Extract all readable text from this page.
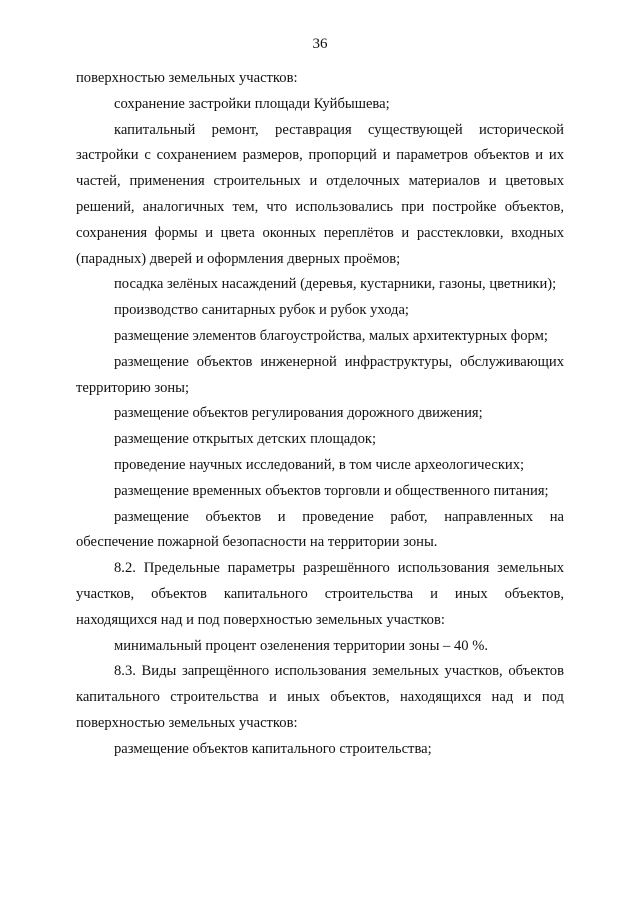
36

поверхностью земельных участков:

сохранение застройки площади Куйбышева;

капитальный ремонт, реставрация существующей исторической застройки с сохранением размеров, пропорций и параметров объектов и их частей, применения строительных и отделочных материалов и цветовых решений, аналогичных тем, что использовались при постройке объектов, сохранения формы и цвета оконных переплётов и расстекловки, входных (парадных) дверей и оформления дверных проёмов;

посадка зелёных насаждений (деревья, кустарники, газоны, цветники);

производство санитарных рубок и рубок ухода;

размещение элементов благоустройства, малых архитектурных форм;

размещение объектов инженерной инфраструктуры, обслуживающих территорию зоны;

размещение объектов регулирования дорожного движения;

размещение открытых детских площадок;

проведение научных исследований, в том числе археологических;

размещение временных объектов торговли и общественного питания;

размещение объектов и проведение работ, направленных на обеспечение пожарной безопасности на территории зоны.

8.2. Предельные параметры разрешённого использования земельных участков, объектов капитального строительства и иных объектов, находящихся над и под поверхностью земельных участков:

минимальный процент озеленения территории зоны – 40 %.

8.3. Виды запрещённого использования земельных участков, объектов капитального строительства и иных объектов, находящихся над и под поверхностью земельных участков:

размещение объектов капитального строительства;
